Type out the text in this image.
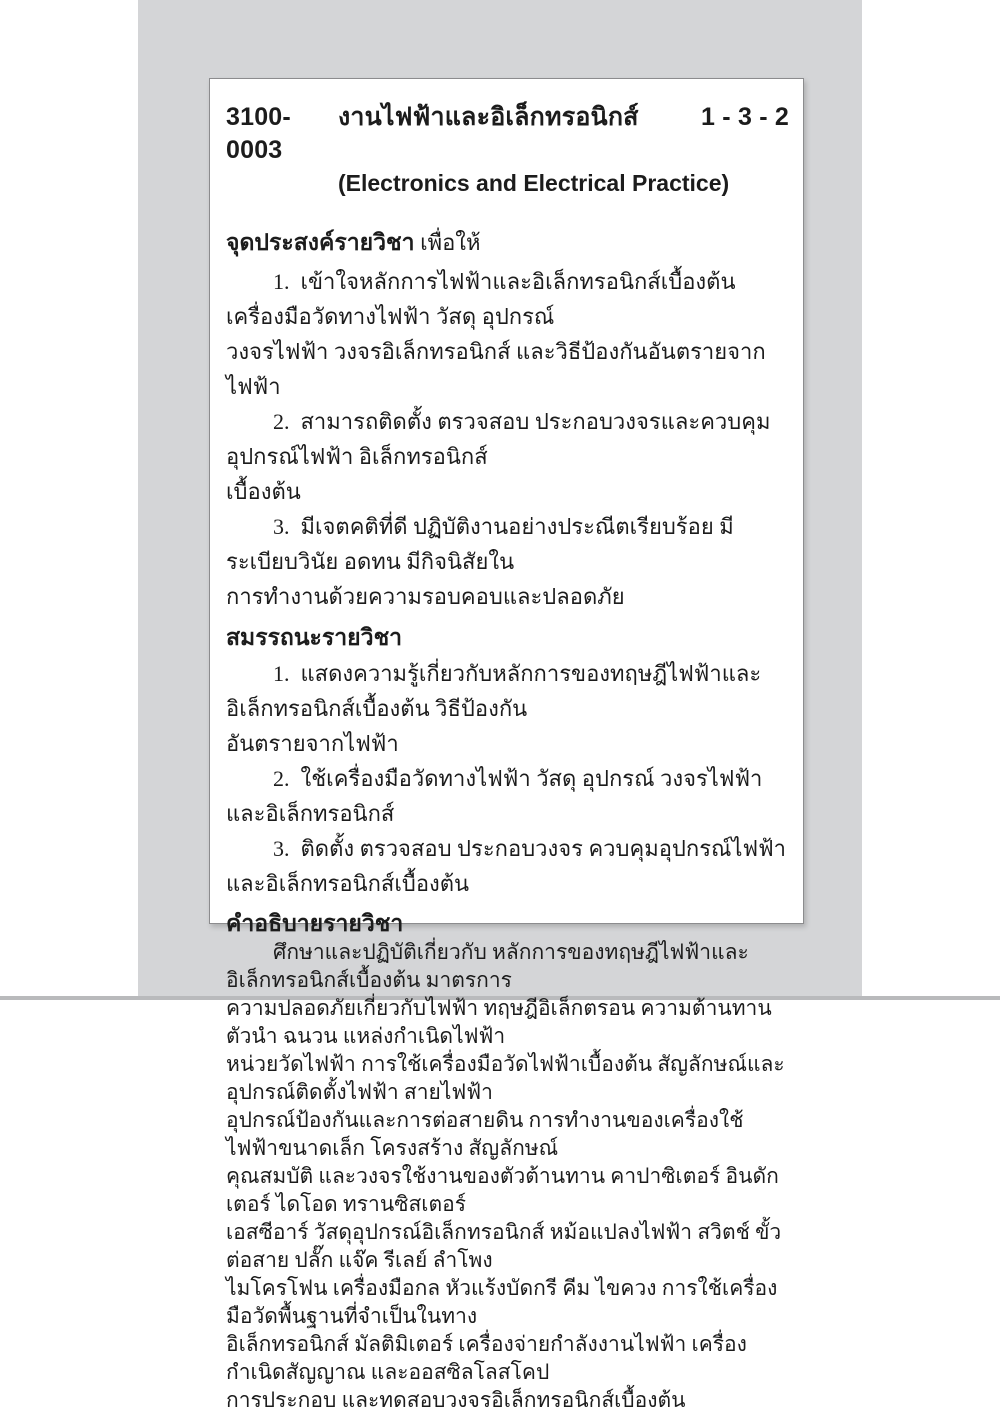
3100-0003
งานไฟฟ้าและอิเล็กทรอนิกส์ 1 - 3 - 2
(Electronics and Electrical Practice)
จุดประสงค์รายวิชา เพื่อให้

1.  เข้าใจหลักการไฟฟ้าและอิเล็กทรอนิกส์เบื้องต้น เครื่องมือวัดทางไฟฟ้า วัสดุ อุปกรณ์
วงจรไฟฟ้า วงจรอิเล็กทรอนิกส์ และวิธีป้องกันอันตรายจากไฟฟ้า

2.  สามารถติดตั้ง ตรวจสอบ ประกอบวงจรและควบคุมอุปกรณ์ไฟฟ้า อิเล็กทรอนิกส์
เบื้องต้น

3.  มีเจตคติที่ดี ปฏิบัติงานอย่างประณีตเรียบร้อย มีระเบียบวินัย อดทน มีกิจนิสัยใน
การทำงานด้วยความรอบคอบและปลอดภัย

สมรรถนะรายวิชา

1.  แสดงความรู้เกี่ยวกับหลักการของทฤษฎีไฟฟ้าและอิเล็กทรอนิกส์เบื้องต้น วิธีป้องกัน
อันตรายจากไฟฟ้า

2.  ใช้เครื่องมือวัดทางไฟฟ้า วัสดุ อุปกรณ์ วงจรไฟฟ้าและอิเล็กทรอนิกส์

3.  ติดตั้ง ตรวจสอบ ประกอบวงจร ควบคุมอุปกรณ์ไฟฟ้าและอิเล็กทรอนิกส์เบื้องต้น

คำอธิบายรายวิชา

ศึกษาและปฏิบัติเกี่ยวกับ หลักการของทฤษฎีไฟฟ้าและอิเล็กทรอนิกส์เบื้องต้น มาตรการ
ความปลอดภัยเกี่ยวกับไฟฟ้า ทฤษฎีอิเล็กตรอน ความต้านทาน ตัวนำ ฉนวน แหล่งกำเนิดไฟฟ้า
หน่วยวัดไฟฟ้า การใช้เครื่องมือวัดไฟฟ้าเบื้องต้น สัญลักษณ์และอุปกรณ์ติดตั้งไฟฟ้า สายไฟฟ้า
อุปกรณ์ป้องกันและการต่อสายดิน การทำงานของเครื่องใช้ไฟฟ้าขนาดเล็ก โครงสร้าง สัญลักษณ์
คุณสมบัติ และวงจรใช้งานของตัวต้านทาน คาปาซิเตอร์ อินดักเตอร์ ไดโอด ทรานซิสเตอร์
เอสซีอาร์ วัสดุอุปกรณ์อิเล็กทรอนิกส์ หม้อแปลงไฟฟ้า สวิตช์ ขั้วต่อสาย ปลั๊ก แจ๊ค รีเลย์ ลำโพง
ไมโครโฟน เครื่องมือกล หัวแร้งบัดกรี คีม ไขควง การใช้เครื่องมือวัดพื้นฐานที่จำเป็นในทาง
อิเล็กทรอนิกส์ มัลติมิเตอร์ เครื่องจ่ายกำลังงานไฟฟ้า เครื่องกำเนิดสัญญาณ และออสซิลโลสโคป
การประกอบ และทดสอบวงจรอิเล็กทรอนิกส์เบื้องต้น
